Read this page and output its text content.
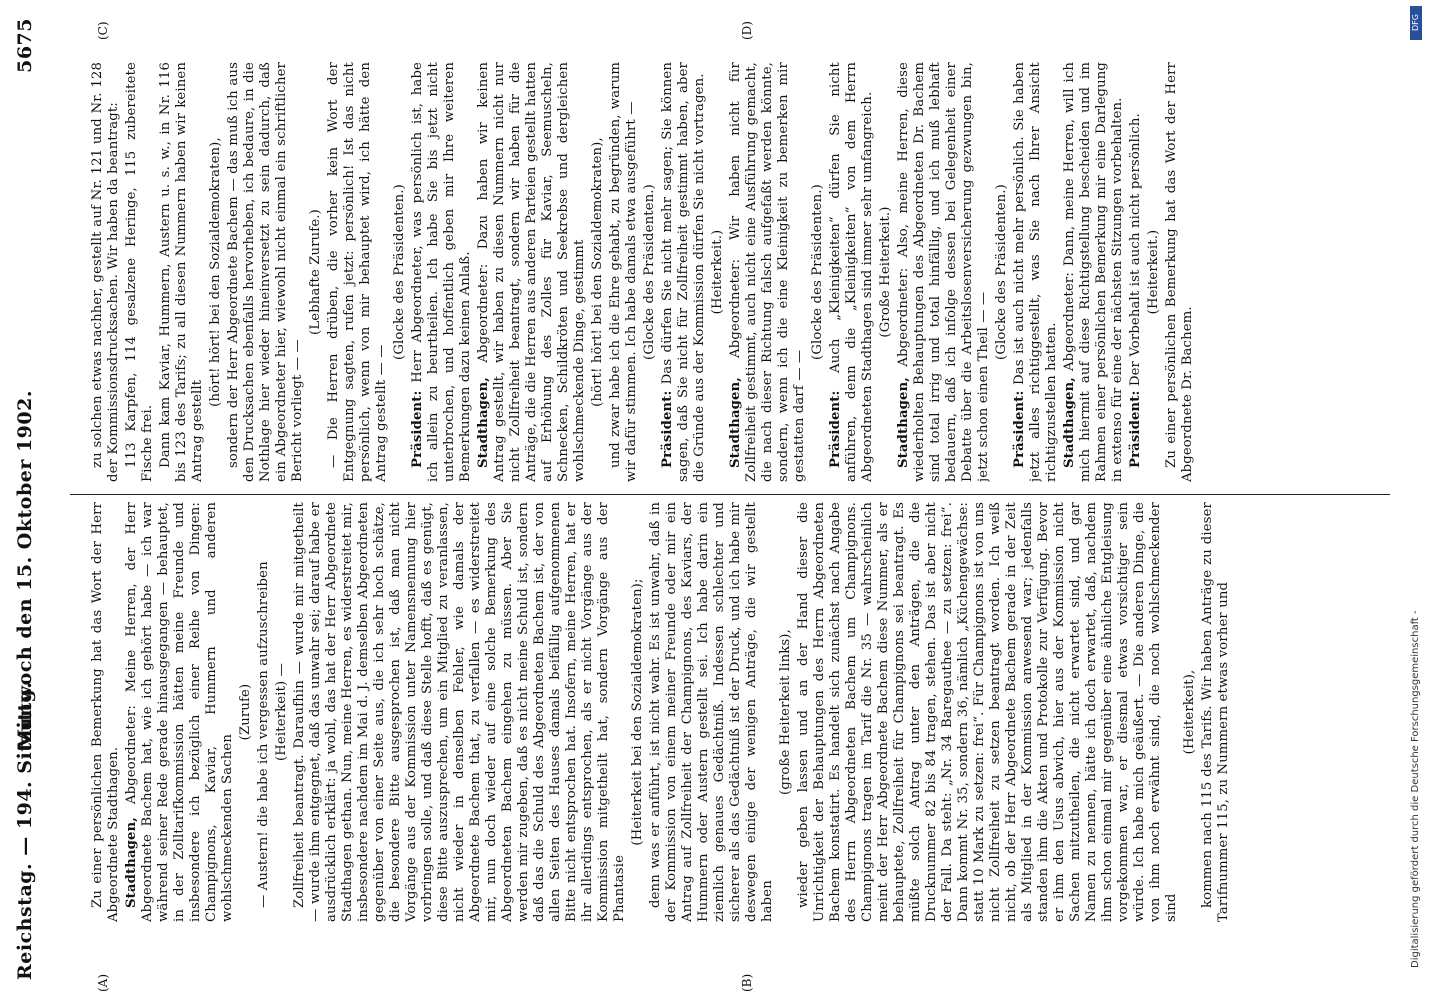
Reichstag. — 194. Sitzung.
Mittwoch den 15. Oktober 1902.
5675
(A)	(B)
(C)	(D)

Zu einer persönlichen Bemerkung hat das Wort der Herr Abgeordnete Stadthagen. Stadthagen, Abgeordneter: Meine Herren, der Herr Abgeordnete Bachem hat, wie ich gehört habe — ich war während seiner Rede gerade hinausgegangen — behauptet, in der Zolltarifkommission hätten meine Freunde und insbesondere ich bezüglich einer Reihe von Dingen: Champignons, Kaviar, Hummern und anderen wohlschmeckenden Sachen

(Zurufe) — Austern! die habe ich vergessen aufzuschreiben (Heiterkeit) — Zollfreiheit beantragt. Daraufhin — wurde mir mitgetheilt — wurde ihm entgegnet, daß das unwahr sei; darauf habe er ausdrücklich erklärt: ja wohl, das hat der Herr Abgeordnete Stadthagen gethan. Nun, meine Herren, es widerstreitet mir, insbesondere nachdem im Mai d. J. demselben Abgeordneten gegenüber von einer Seite aus, die ich sehr hoch schätze, die besondere Bitte ausgesprochen ist, daß man nicht Vorgänge aus der Kommission unter Namensnennung hier vorbringen solle, und daß diese Stelle hofft, daß es genügt, diese Bitte auszusprechen, um ein Mitglied zu veranlassen, nicht wieder in denselben Fehler, wie damals der Abgeordnete Bachem that, zu verfallen — es widerstreitet mir, nun doch wieder auf eine solche Bemerkung des Abgeordneten Bachem eingehen zu müssen. Aber Sie werden mir zugeben, daß es nicht meine Schuld ist, sondern daß das die Schuld des Abgeordneten Bachem ist, der von allen Seiten des Hauses damals beifällig aufgenommenen Bitte nicht entsprochen hat. Insofern, meine Herren, hat er ihr allerdings entsprochen, als er nicht Vorgänge aus der Kommission mitgetheilt hat, sondern Vorgänge aus der Phantasie

(Heiterkeit bei den Sozialdemokraten); denn was er anführt, ist nicht wahr. Es ist unwahr, daß in der Kommission von einem meiner Freunde oder mir ein Antrag auf Zollfreiheit der Champignons, des Kaviars, der Hummern oder Austern gestellt sei. Ich habe darin ein ziemlich genaues Gedächtniß. Indessen schlechter und sicherer als das Gedächtniß ist der Druck, und ich habe mir deswegen einige der wenigen Anträge, die wir gestellt haben

(große Heiterkeit links), wieder geben lassen und an der Hand dieser die Unrichtigkeit der Behauptungen des Herrn Abgeordneten Bachem konstatirt. Es handelt sich zunächst nach Angabe des Herrn Abgeordneten Bachem um Champignons. Champignons tragen im Tarif die Nr. 35 — wahrscheinlich meint der Herr Abgeordnete Bachem diese Nummer, als er behauptete, Zollfreiheit für Champignons sei beantragt. Es müßte solch Antrag unter den Anträgen, die die Drucknummer 82 bis 84 tragen, stehen. Das ist aber nicht der Fall. Da steht: „Nr. 34 Baregauthee — zu setzen: frei“. Dann kommt Nr. 35, sondern 36, nämlich „Küchengewächse: statt 10 Mark zu setzen: frei“. Für Champignons ist von uns nicht Zollfreiheit zu setzen beantragt worden. Ich weiß nicht, ob der Herr Abgeordnete Bachem gerade in der Zeit als Mitglied in der Kommission anwesend war; jedenfalls standen ihm die Akten und Protokolle zur Verfügung. Bevor er ihm den Usus abwich, hier aus der Kommission nicht Sachen mitzutheilen, die nicht erwartet sind, und gar Namen zu nennen, hätte ich doch erwartet, daß, nachdem ihm schon einmal mir gegenüber eine ähnliche Entgleisung vorgekommen war, er diesmal etwas vorsichtiger sein würde. Ich habe mich geäußert. — Die anderen Dinge, die von ihm noch erwähnt sind, die noch wohlschmeckender sind

(Heiterkeit), kommen nach 115 des Tarifs. Wir haben Anträge zu dieser Tarifnummer 115, zu Nummern etwas vorher und

zu solchen etwas nachher, gestellt auf Nr. 121 und Nr. 128 der Kommissionsdrucksachen. Wir haben da beantragt: 113 Karpfen, 114 gesalzene Heringe, 115 zubereitete Fische frei. Dann kam Kaviar, Hummern, Austern u. s. w., in Nr. 116 bis 123 des Tarifs; zu all diesen Nummern haben wir keinen Antrag gestellt

(hört! hört! bei den Sozialdemokraten), sondern der Herr Abgeordnete Bachem — das muß ich aus den Drucksachen ebenfalls hervorheben, ich bedaure, in die Nothlage hier wieder hineinversetzt zu sein dadurch, daß ein Abgeordneter hier, wiewohl nicht einmal ein schriftlicher Bericht vorliegt — —

(Lebhafte Zurufe.) — Die Herren drüben, die vorher kein Wort der Entgegnung sagten, rufen jetzt: persönlich! Ist das nicht persönlich, wenn von mir behauptet wird, ich hätte den Antrag gestellt — —

(Glocke des Präsidenten.)

Präsident: Herr Abgeordneter, was persönlich ist, habe ich allein zu beurtheilen. Ich habe Sie bis jetzt nicht unterbrochen, und hoffentlich geben mir Ihre weiteren Bemerkungen dazu keinen Anlaß. Stadthagen, Abgeordneter: Dazu haben wir keinen Antrag gestellt, wir haben zu diesen Nummern nicht nur nicht Zollfreiheit beantragt, sondern wir haben für die Anträge, die die Herren aus anderen Parteien gestellt hatten auf Erhöhung des Zolles für Kaviar, Seemuscheln, Schnecken, Schildkröten und Seekrebse und dergleichen wohlschmeckende Dinge, gestimmt (hört! hört! bei den Sozialdemokraten), und zwar habe ich die Ehre gehabt, zu begründen, warum wir dafür stimmen. Ich habe damals etwa ausgeführt — (Glocke des Präsidenten.)

Präsident: Das dürfen Sie nicht mehr sagen; Sie können sagen, daß Sie nicht für Zollfreiheit gestimmt haben, aber die Gründe aus der Kommission dürfen Sie nicht vortragen. (Heiterkeit.)

Stadthagen, Abgeordneter: Wir haben nicht für Zollfreiheit gestimmt, auch nicht eine Ausführung gemacht, die nach dieser Richtung falsch aufgefaßt werden könnte, sondern, wenn ich die eine Kleinigkeit zu bemerken mir gestatten darf — —

(Glocke des Präsidenten.)

Präsident: Auch „Kleinigkeiten“ dürfen Sie nicht anführen, denn die „Kleinigkeiten“ von dem Herrn Abgeordneten Stadthagen sind immer sehr umfangreich. (Große Heiterkeit.)

Stadthagen, Abgeordneter: Also, meine Herren, diese wiederholten Behauptungen des Abgeordneten Dr. Bachem sind total irrig und total hinfällig, und ich muß lebhaft bedauern, daß ich infolge dessen bei Gelegenheit einer Debatte über die Arbeitslosenversicherung gezwungen bin, jetzt schon einen Theil — —

(Glocke des Präsidenten.)

Präsident: Das ist auch nicht mehr persönlich. Sie haben jetzt alles richtiggestellt, was Sie nach Ihrer Ansicht richtigzustellen hatten. Stadthagen, Abgeordneter: Dann, meine Herren, will ich mich hiermit auf diese Richtigstellung bescheiden und im Rahmen einer persönlichen Bemerkung mir eine Darlegung in extenso für eine der nächsten Sitzungen vorbehalten. Präsident: Der Vorbehalt ist auch nicht persönlich. (Heiterkeit.) Zu einer persönlichen Bemerkung hat das Wort der Herr Abgeordnete Dr. Bachem.

Digitalisierung gefördert durch die Deutsche Forschungsgemeinschaft -
DFG
